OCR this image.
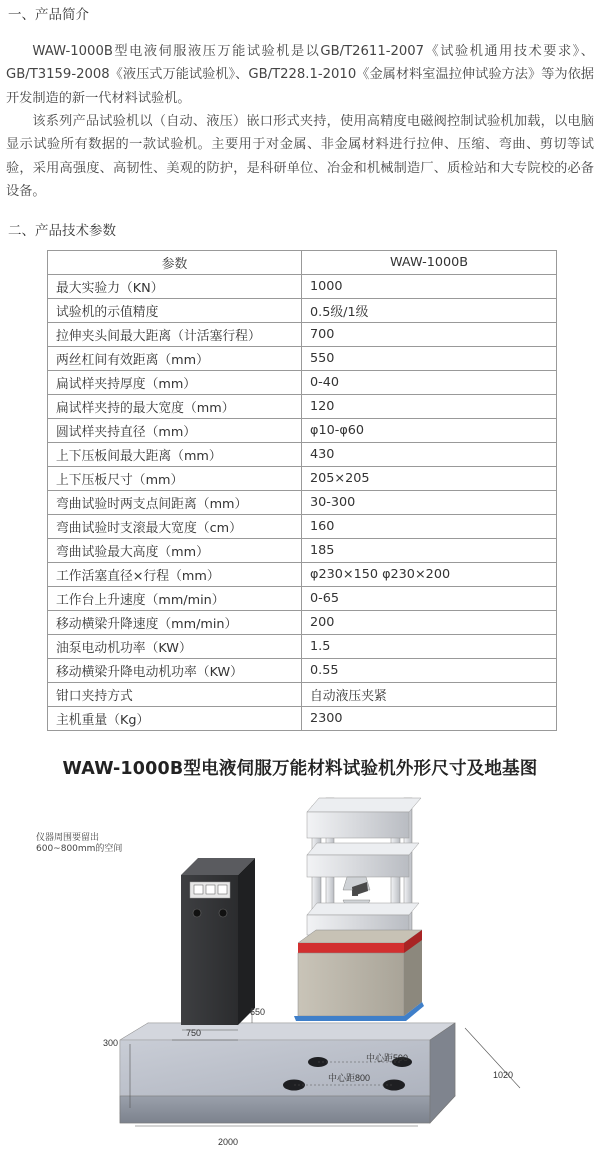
一、产品简介
WAW-1000B型电液伺服液压万能试验机是以GB/T2611-2007《试验机通用技术要求》、GB/T3159-2008《液压式万能试验机》、GB/T228.1-2010《金属材料室温拉伸试验方法》等为依据开发制造的新一代材料试验机。
该系列产品试验机以（自动、液压）嵌口形式夹持，使用高精度电磁阀控制试验机加载，以电脑显示试验所有数据的一款试验机。主要用于对金属、非金属材料进行拉伸、压缩、弯曲、剪切等试验，采用高强度、高韧性、美观的防护，是科研单位、冶金和机械制造厂、质检站和大专院校的必备设备。
二、产品技术参数
参数	WAW-1000B
最大实验力（KN）	1000
试验机的示值精度	0.5级/1级
拉伸夹头间最大距离（计活塞行程）	700
两丝杠间有效距离（mm）	550
扁试样夹持厚度（mm）	0-40
扁试样夹持的最大宽度（mm）	120
圆试样夹持直径（mm）	φ10-φ60
上下压板间最大距离（mm）	430
上下压板尺寸（mm）	205×205
弯曲试验时两支点间距离（mm）	30-300
弯曲试验时支滚最大宽度（cm）	160
弯曲试验最大高度（mm）	185
工作活塞直径×行程（mm）	φ230×150 φ230×200
工作台上升速度（mm/min）	0-65
移动横梁升降速度（mm/min）	200
油泵电动机功率（KW）	1.5
移动横梁升降电动机功率（KW）	0.55
钳口夹持方式	自动液压夹紧
主机重量（Kg）	2300
WAW-1000B型电液伺服万能材料试验机外形尺寸及地基图
仪器周围要留出
600~800mm的空间
650
750
300
中心距590
中心距800	1020
2000
